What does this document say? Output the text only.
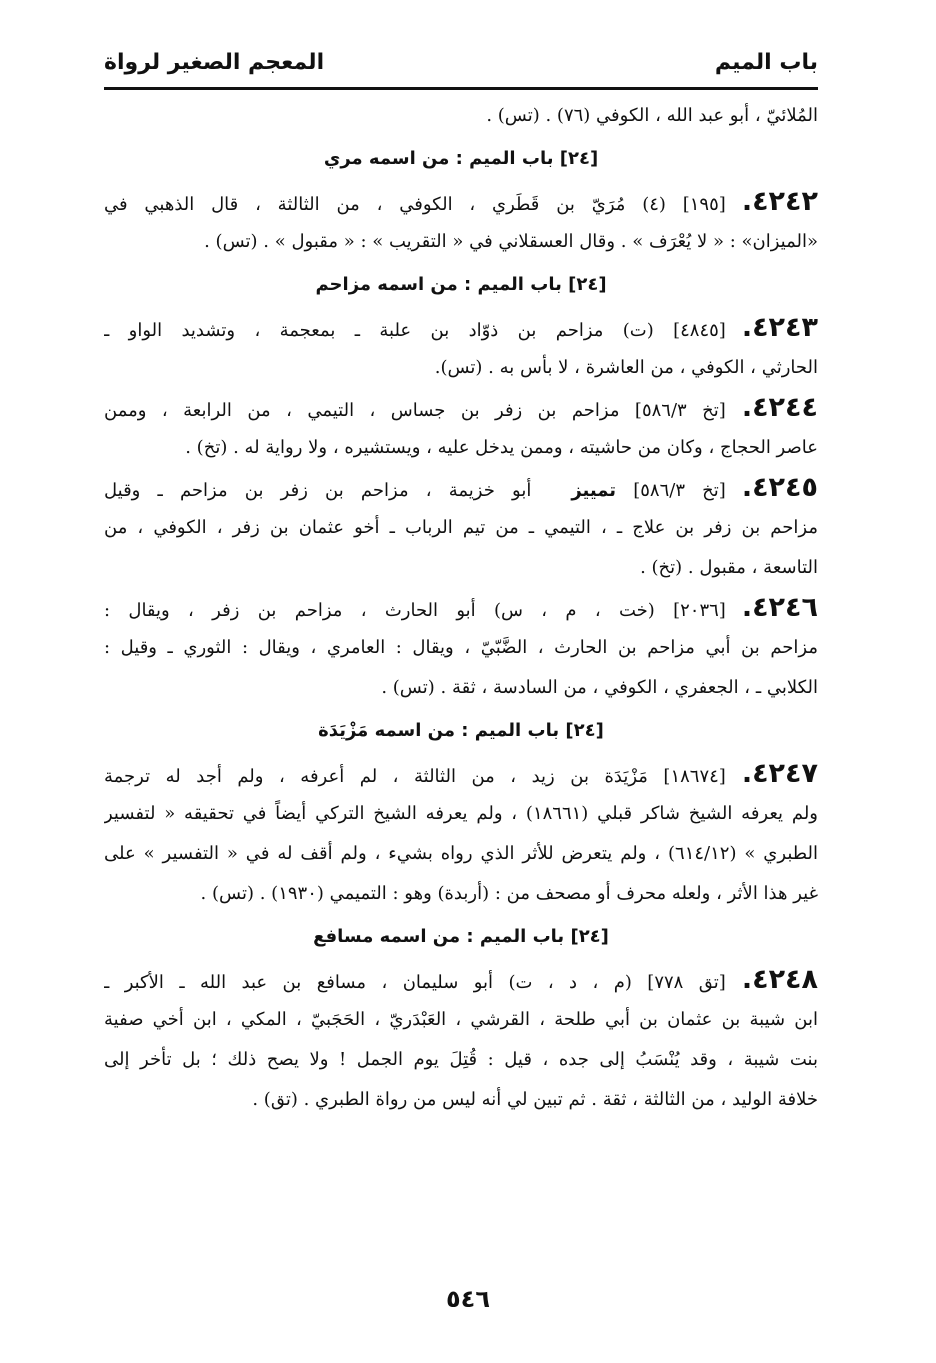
باب الميم
المعجم الصغير لرواة
المُلائيّ ، أبو عبد الله ، الكوفي (٧٦) . (تس) .
[٢٤] باب الميم : من اسمه مري
٤٢٤٢.[١٩٥] (٤) مُرَيّ بن قَطَري ، الكوفي ، من الثالثة ، قال الذهبي في
«الميزان» : « لا يُعْرَف » . وقال العسقلاني في « التقريب » : « مقبول » . (تس) .
[٢٤] باب الميم : من اسمه مزاحم
٤٢٤٣.[٤٨٤٥] (ت) مزاحم بن ذوّاد بن علبة ـ بمعجمة ، وتشديد الواو ـ
الحارثي ، الكوفي ، من العاشرة ، لا بأس به . (تس).
٤٢٤٤.[تخ ٥٨٦/٣] مزاحم بن زفر بن جساس ، التيمي ، من الرابعة ، وممن
عاصر الحجاج ، وكان من حاشيته ، وممن يدخل عليه ، ويستشيره ، ولا رواية له . (تخ) .
٤٢٤٥.[تخ ٥٨٦/٣] تمييزأبو خزيمة ، مزاحم بن زفر بن مزاحم ـ وقيل
مزاحم بن زفر بن علاج ـ ، التيمي ـ من تيم الرباب ـ أخو عثمان بن زفر ، الكوفي ، من
التاسعة ، مقبول . (تخ) .
٤٢٤٦.[٢٠٣٦] (خت ، م ، س) أبو الحارث ، مزاحم بن زفر ، ويقال :
مزاحم بن أبي مزاحم بن الحارث ، الضَّبّيّ ، ويقال : العامري ، ويقال : الثوري ـ وقيل :
الكلابي ـ ، الجعفري ، الكوفي ، من السادسة ، ثقة . (تس) .
[٢٤] باب الميم : من اسمه مَزْيَدَة
٤٢٤٧.[١٨٦٧٤] مَزْيَدَة بن زيد ، من الثالثة ، لم أعرفه ، ولم أجد له ترجمة
ولم يعرفه الشيخ شاكر قبلي (١٨٦٦١) ، ولم يعرفه الشيخ التركي أيضاً في تحقيقه « لتفسير
الطبري » (٦١٤/١٢) ، ولم يتعرض للأثر الذي رواه بشيء ، ولم أقف له في « التفسير » على
غير هذا الأثر ، ولعله محرف أو مصحف من : (أربدة) وهو : التميمي (١٩٣٠) . (تس) .
[٢٤] باب الميم : من اسمه مسافع
٤٢٤٨.[تق ٧٧٨] (م ، د ، ت) أبو سليمان ، مسافع بن عبد الله ـ الأكبر ـ
ابن شيبة بن عثمان بن أبي طلحة ، القرشي ، العَبْدَريّ ، الحَجَبيّ ، المكي ، ابن أخي صفية
بنت شيبة ، وقد يُنْسَبُ إلى جده ، قيل : قُتِلَ يوم الجمل ! ولا يصح ذلك ؛ بل تأخر إلى
خلافة الوليد ، من الثالثة ، ثقة . ثم تبين لي أنه ليس من رواة الطبري . (تق) .
٥٤٦
